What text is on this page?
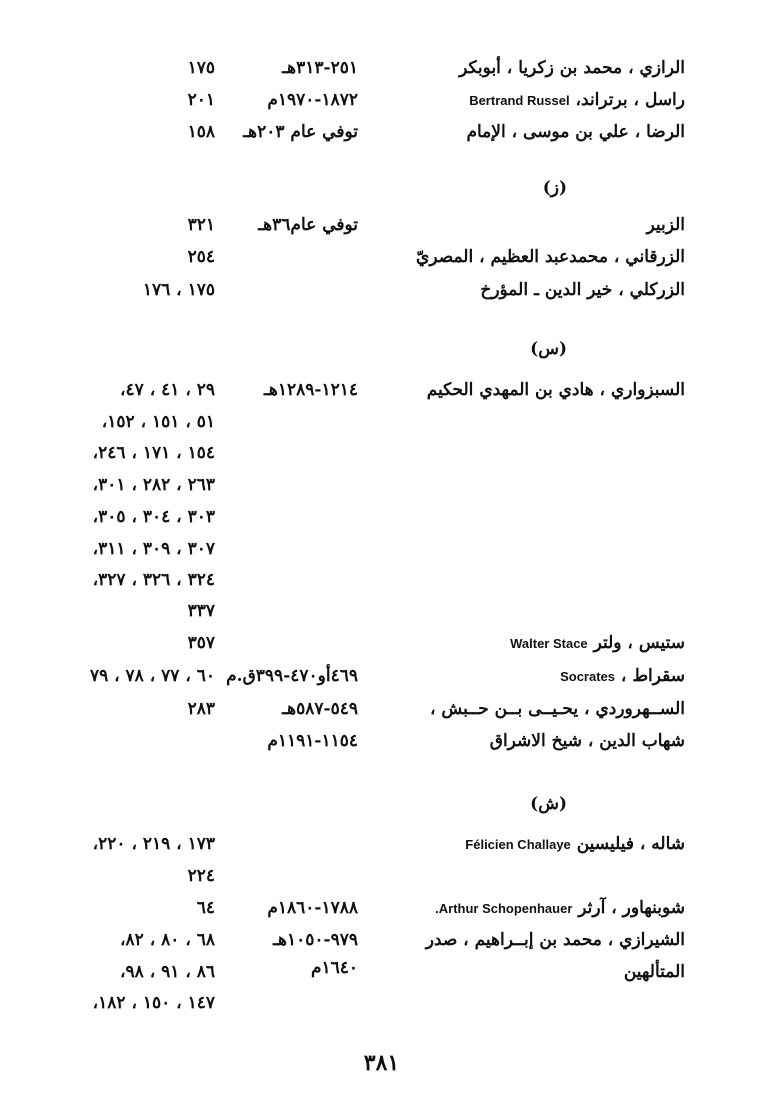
الرازي ، محمد بن زكريا ، أبوبكر
٢٥١-٣١٣هـ
١٧٥
راسل ، برتراند، Bertrand Russel
١٨٧٢-١٩٧٠م
٢٠١
الرضا ، علي بن موسى ، الإمام
توفي عام ٢٠٣هـ
١٥٨
(ز)
الزبير
توفي عام٣٦هـ
٣٢١
الزرقاني ، محمدعبد العظيم ، المصريّ
٢٥٤
الزركلي ، خير الدين ـ المؤرخ
١٧٥ ، ١٧٦
(س)
السبزواري ، هادي بن المهدي الحكيم
١٢١٤-١٢٨٩هـ
٢٩ ، ٤١ ، ٤٧،
٥١ ، ١٥١ ، ١٥٢،
١٥٤ ، ١٧١ ، ٢٤٦،
٢٦٣ ، ٢٨٢ ، ٣٠١،
٣٠٣ ، ٣٠٤ ، ٣٠٥،
٣٠٧ ، ٣٠٩ ، ٣١١،
٣٢٤ ، ٣٢٦ ، ٣٢٧،
٣٣٧
ستيس ، ولتر Walter Stace
٣٥٧
سقراط ، Socrates
٤٦٩أو٤٧٠-٣٩٩ق.م
٦٠ ، ٧٧ ، ٧٨ ، ٧٩
الســهروردي ، يحـيــى بــن حــبش ،
٥٤٩-٥٨٧هـ
٢٨٣
شهاب الدين ، شيخ الاشراق
١١٥٤-١١٩١م
(ش)
شاله ، فيليسين Félicien Challaye
١٧٣ ، ٢١٩ ، ٢٢٠،
٢٢٤
شوبنهاور ، آرثر Arthur Schopenhauer.
١٧٨٨-١٨٦٠م
٦٤
الشيرازي ، محمد بن إبــراهيم ، صدر
٩٧٩-١٠٥٠هـ
٦٨ ، ٨٠ ، ٨٢،
المتألهين
١٦٤٠م
٨٦ ، ٩١ ، ٩٨،
١٤٧ ، ١٥٠ ، ١٨٢،
٣٨١
